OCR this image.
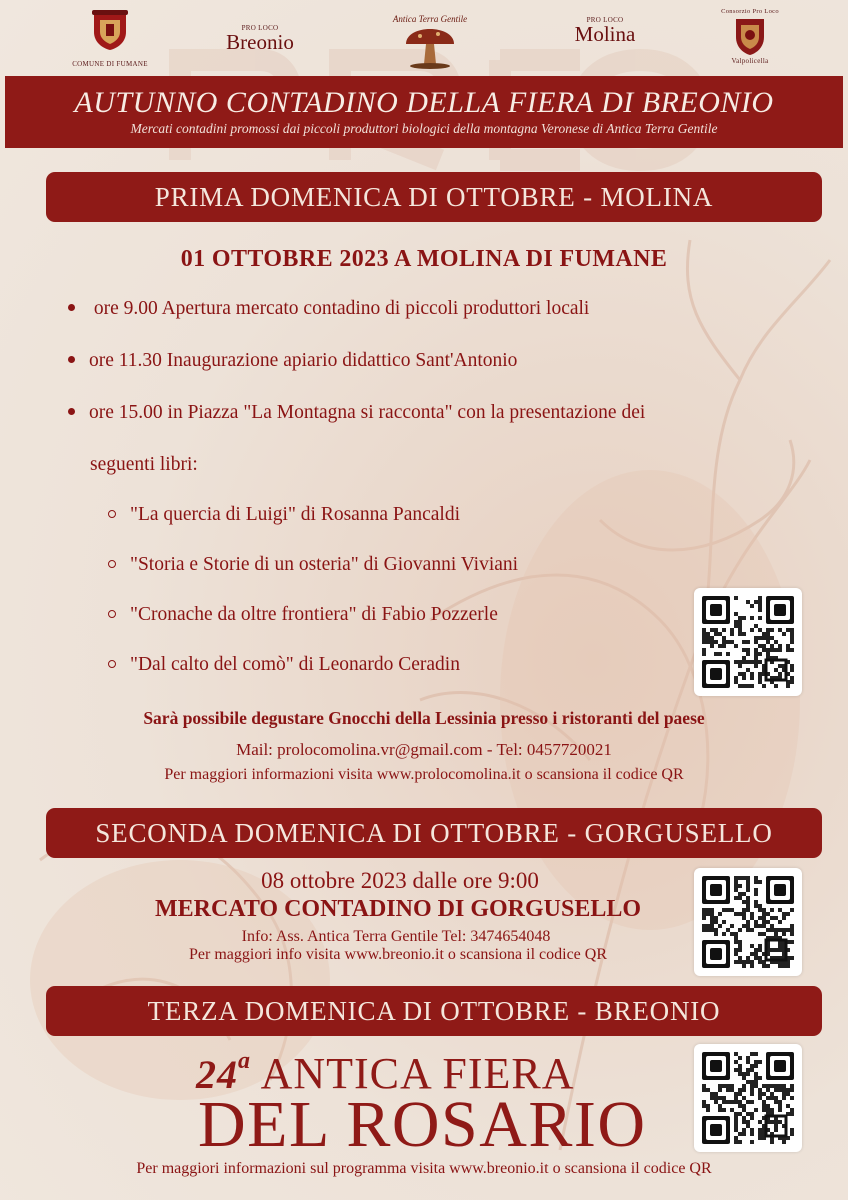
COMUNE DI FUMANE
PRO LOCO
Breonio
Antica Terra Gentile	PRO LOCO
Molina
Consorzio Pro Loco
Valpolicella
AUTUNNO CONTADINO DELLA FIERA DI BREONIO
Mercati contadini promossi dai piccoli produttori biologici della montagna Veronese di Antica Terra Gentile
PRIMA DOMENICA DI OTTOBRE - MOLINA
01 OTTOBRE 2023 A MOLINA DI FUMANE
ore 9.00 Apertura mercato contadino di piccoli produttori locali
ore 11.30 Inaugurazione apiario didattico Sant'Antonio
ore 15.00 in Piazza "La Montagna si racconta" con la presentazione dei
seguenti libri:
"La quercia di Luigi" di Rosanna Pancaldi
"Storia e Storie di un osteria" di Giovanni Viviani
"Cronache da oltre frontiera" di Fabio Pozzerle
"Dal calto del comò" di Leonardo Ceradin
Sarà possibile degustare Gnocchi della Lessinia presso i ristoranti del paese
Mail: prolocomolina.vr@gmail.com - Tel: 0457720021
Per maggiori informazioni visita www.prolocomolina.it o scansiona il codice QR
SECONDA DOMENICA DI OTTOBRE - GORGUSELLO
08 ottobre 2023 dalle ore 9:00
MERCATO CONTADINO DI GORGUSELLO
Info: Ass. Antica Terra Gentile Tel: 3474654048
Per maggiori info visita www.breonio.it o scansiona il codice QR
TERZA DOMENICA DI OTTOBRE - BREONIO
24$^a$ ANTICA FIERA
DEL ROSARIO
Per maggiori informazioni sul programma visita www.breonio.it o scansiona il codice QR
